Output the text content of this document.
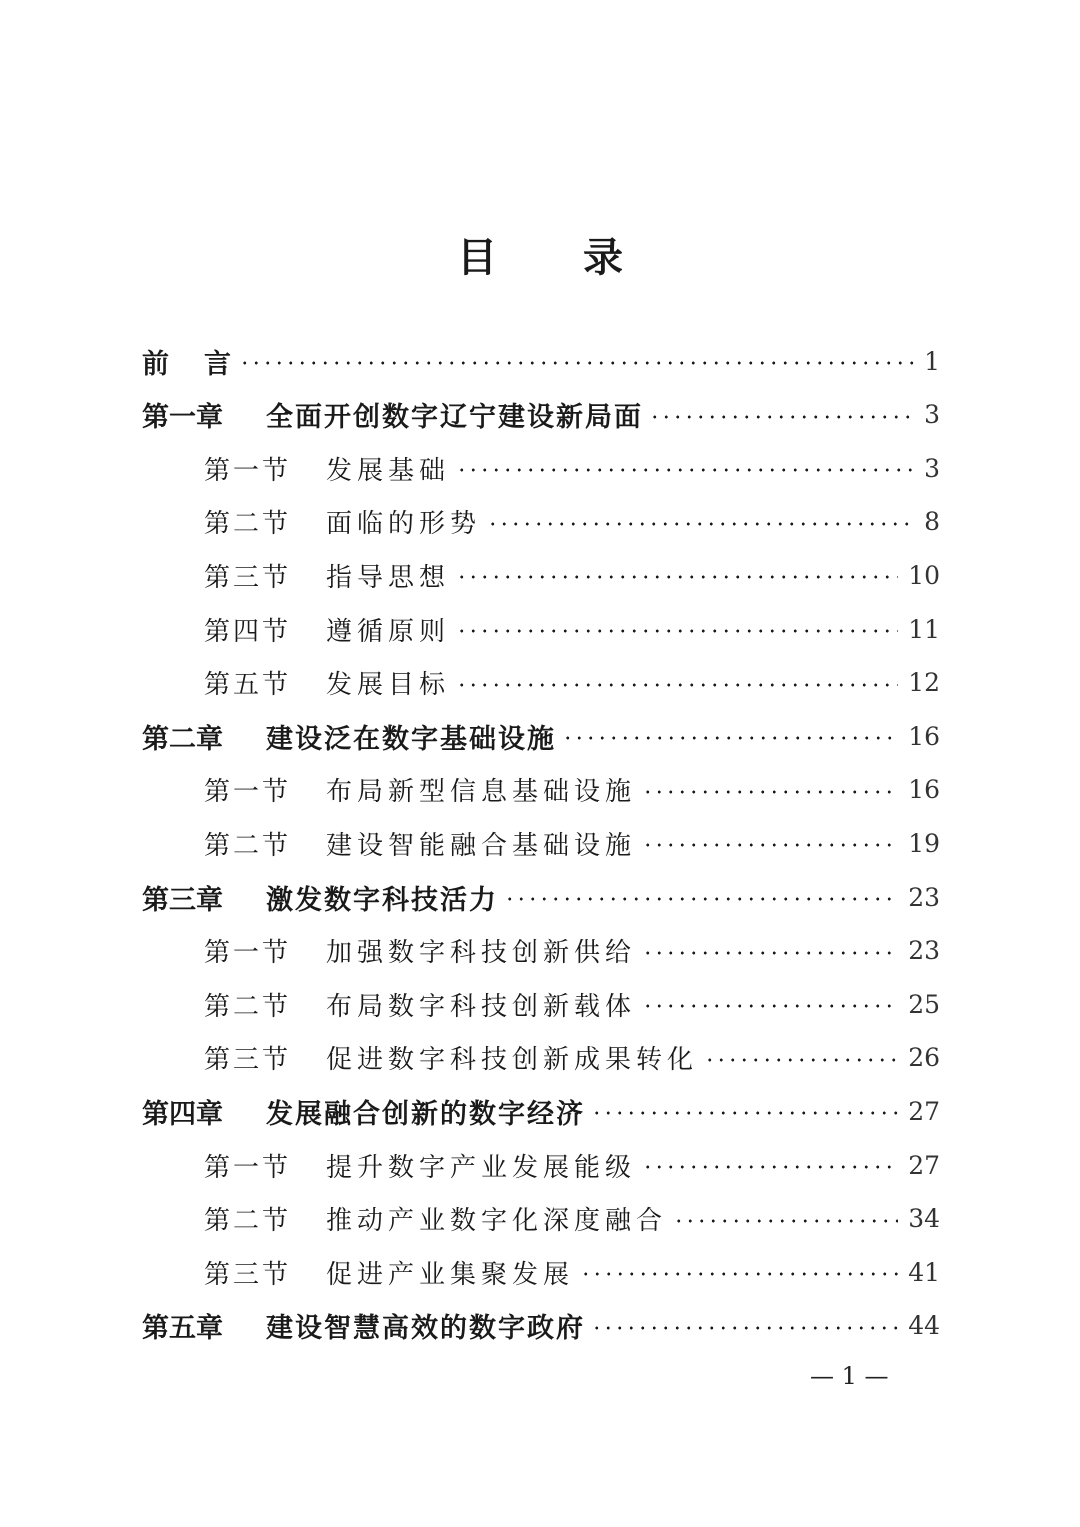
目 录
前	言	1
第一章	全面开创数字辽宁建设新局面	3
第一节	发展基础	3
第二节	面临的形势	8
第三节	指导思想	10
第四节	遵循原则	11
第五节	发展目标	12
第二章	建设泛在数字基础设施	16
第一节	布局新型信息基础设施	16
第二节	建设智能融合基础设施	19
第三章	激发数字科技活力	23
第一节	加强数字科技创新供给	23
第二节	布局数字科技创新载体	25
第三节	促进数字科技创新成果转化	26
第四章	发展融合创新的数字经济	27
第一节	提升数字产业发展能级	27
第二节	推动产业数字化深度融合	34
第三节	促进产业集聚发展	41
第五章	建设智慧高效的数字政府	44
— 1 —
